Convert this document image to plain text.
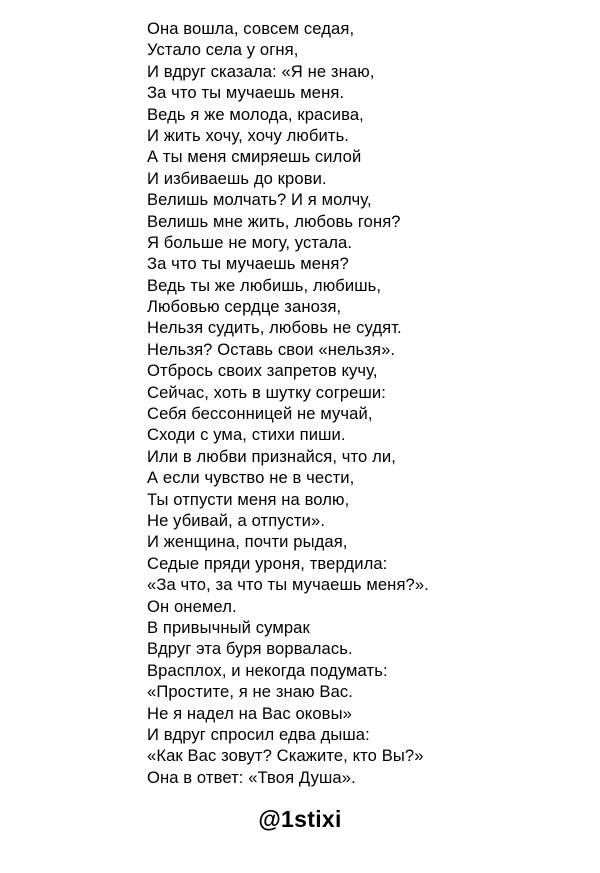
Она вошла, совсем седая,
Устало села у огня,
И вдруг сказала: «Я не знаю,
За что ты мучаешь меня.
Ведь я же молода, красива,
И жить хочу, хочу любить.
А ты меня смиряешь силой
И избиваешь до крови.
Велишь молчать? И я молчу,
Велишь мне жить, любовь гоня?
Я больше не могу, устала.
За что ты мучаешь меня?
Ведь ты же любишь, любишь,
Любовью сердце занозя,
Нельзя судить, любовь не судят.
Нельзя? Оставь свои «нельзя».
Отбрось своих запретов кучу,
Сейчас, хоть в шутку согреши:
Себя бессонницей не мучай,
Сходи с ума, стихи пиши.
Или в любви признайся, что ли,
А если чувство не в чести,
Ты отпусти меня на волю,
Не убивай, а отпусти».
И женщина, почти рыдая,
Седые пряди уроня, твердила:
«За что, за что ты мучаешь меня?».
Он онемел.
В привычный сумрак
Вдруг эта буря ворвалась.
Врасплох, и некогда подумать:
«Простите, я не знаю Вас.
Не я надел на Вас оковы»
И вдруг спросил едва дыша:
«Как Вас зовут? Скажите, кто Вы?»
Она в ответ: «Твоя Душа».
@1stixi
